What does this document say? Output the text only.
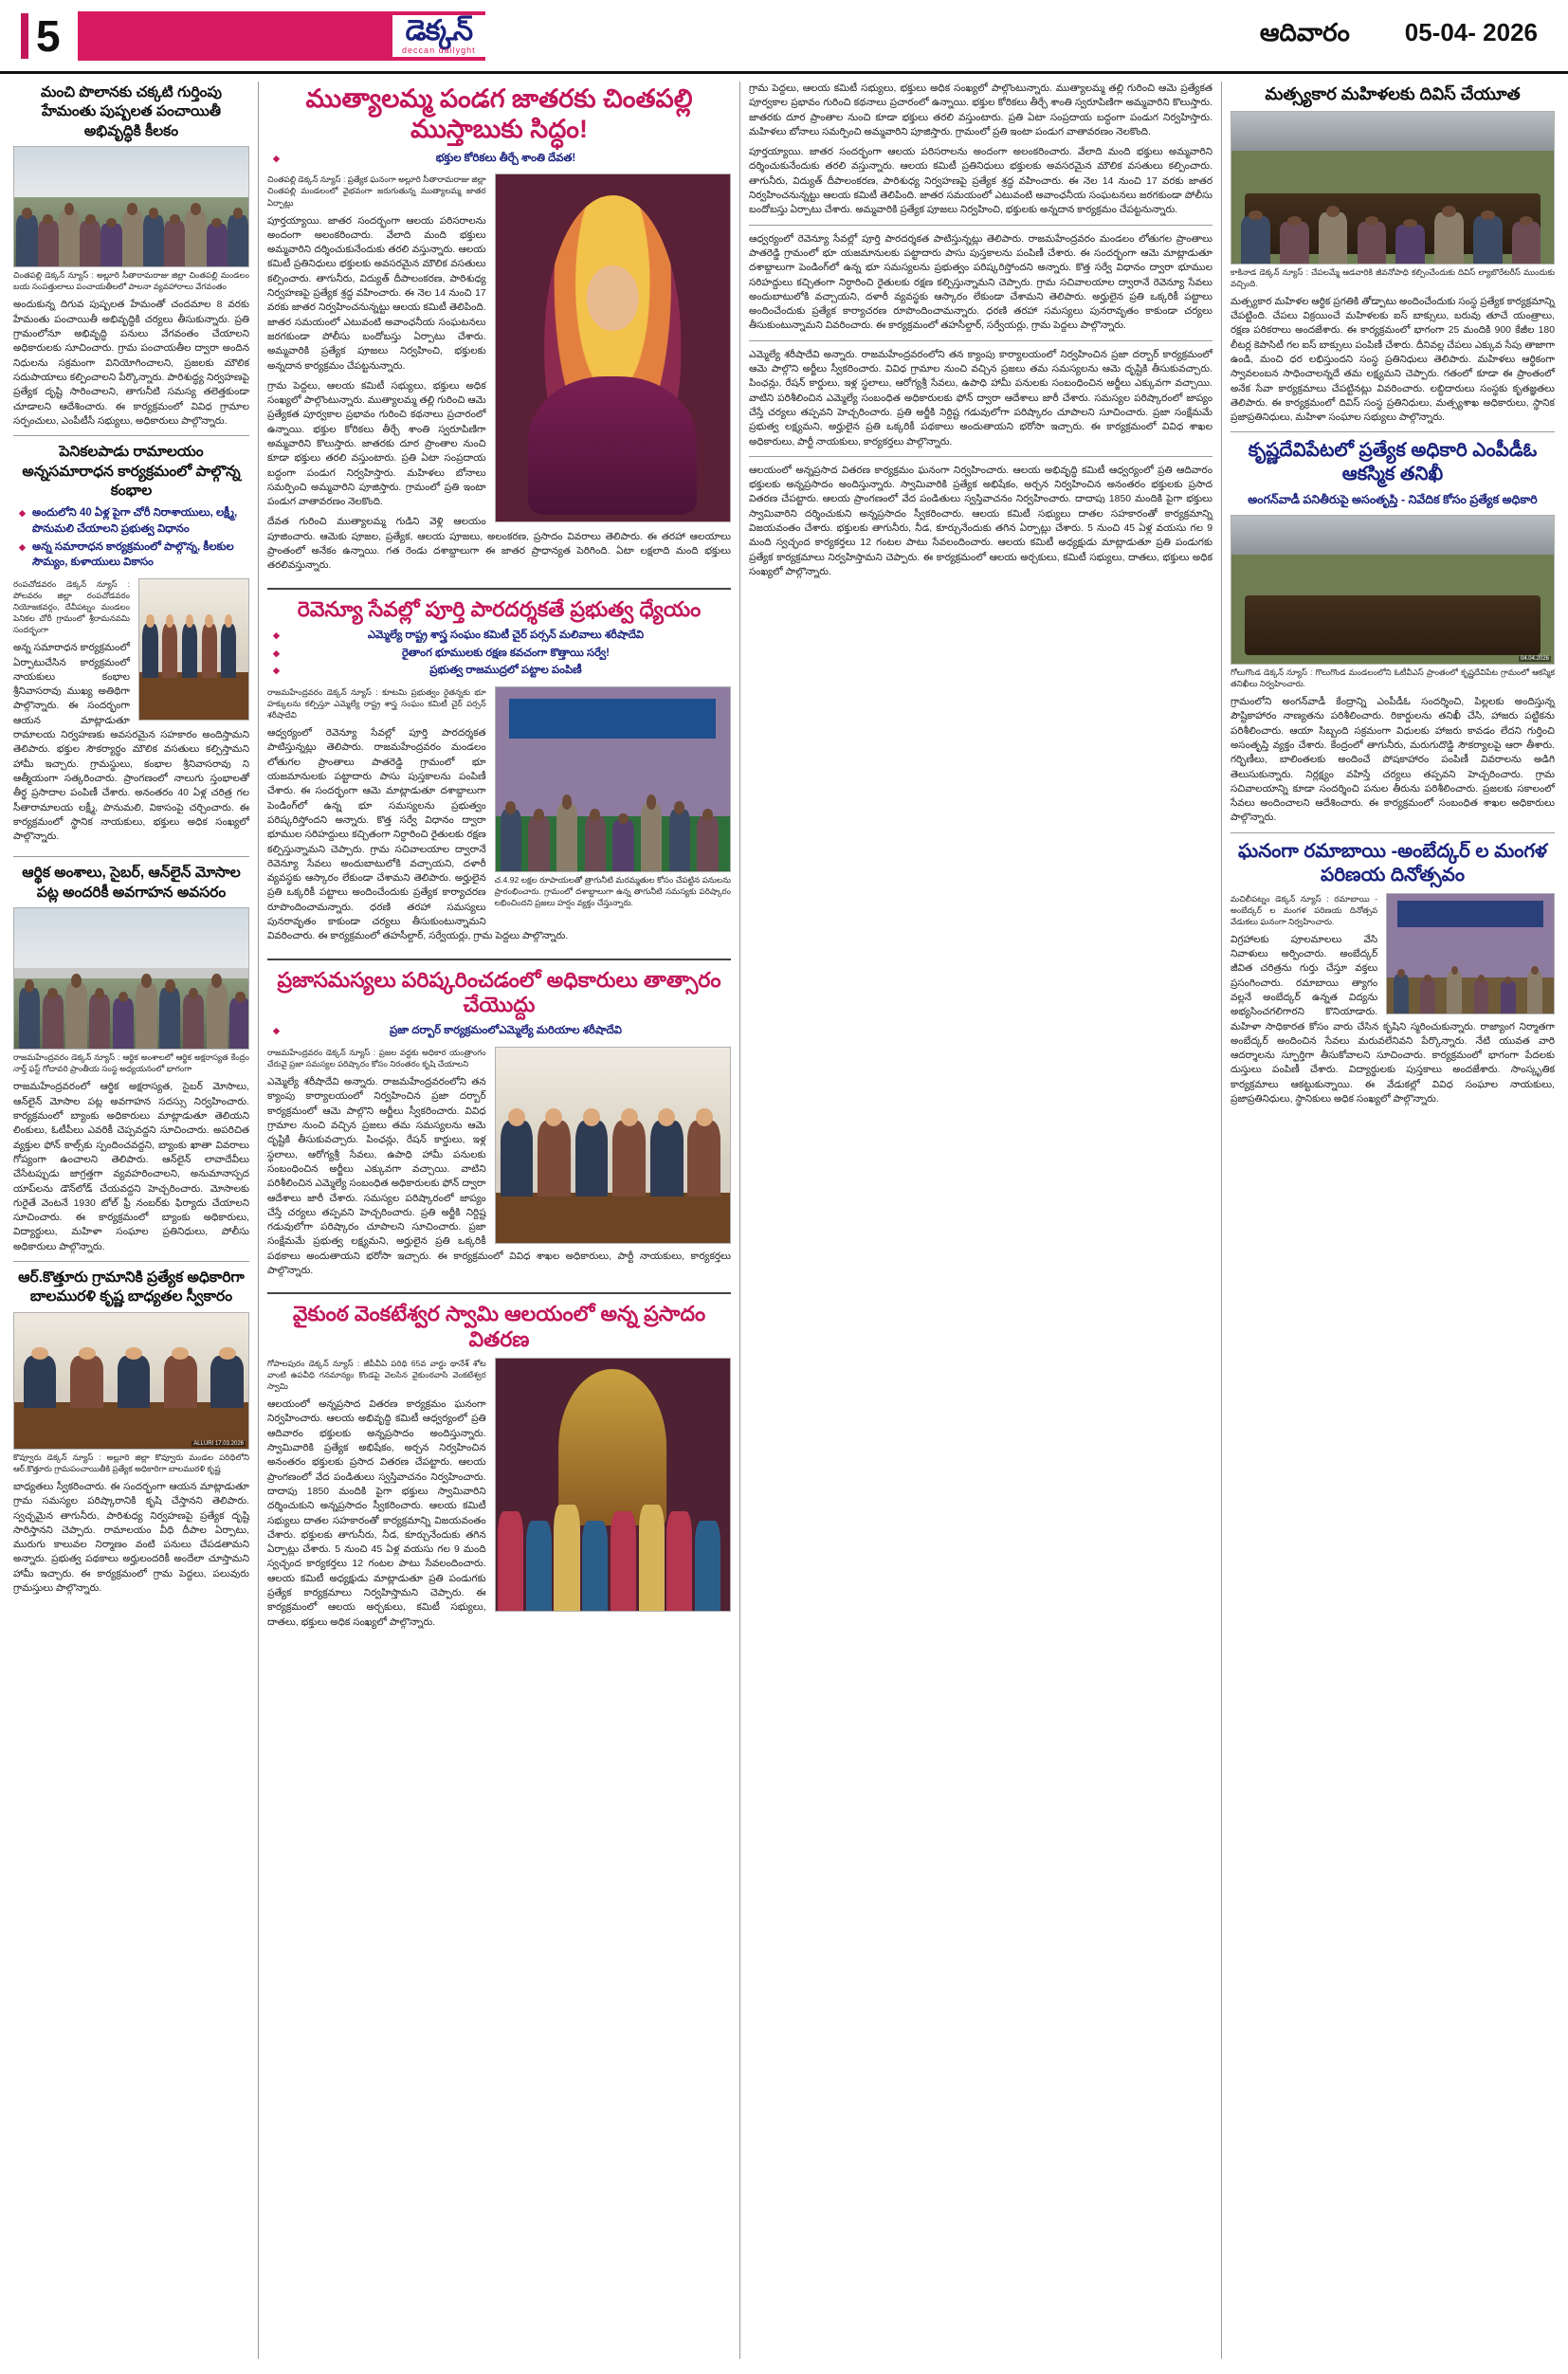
5	డెక్కన్
deccan dailyght
ఆదివారం 05-04- 2026
మంచి పొలానకు చక్కటి గుర్తింపు హేమంతు పుష్పలత పంచాయితీ అభివృద్ధికి కీలకం
చింతపల్లి డెక్కన్ న్యూస్ : అల్లూరి సీతారామరాజు జిల్లా చింతపల్లి మండలం బయ సంపత్తులాలు పంచాయతీలలో పాలనా వ్యవహారాలు వేగవంతం
అందుకున్న దిగువ పుష్పలత హేమంతో చందమాల 8 వరకు హేమంతు పంచాయితీ అభివృద్ధికి చర్యలు తీసుకున్నారు. ప్రతి గ్రామంలోనూ అభివృద్ధి పనులు వేగవంతం చేయాలని అధికారులకు సూచించారు. గ్రామ పంచాయతీల ద్వారా అందిన నిధులను సక్రమంగా వినియోగించాలని, ప్రజలకు మౌలిక సదుపాయాలు కల్పించాలని పేర్కొన్నారు. పారిశుద్ధ్య నిర్వహణపై ప్రత్యేక దృష్టి సారించాలని, తాగునీటి సమస్య తలెత్తకుండా చూడాలని ఆదేశించారు. ఈ కార్యక్రమంలో వివిధ గ్రామాల సర్పంచులు, ఎంపీటీసీ సభ్యులు, అధికారులు పాల్గొన్నారు.
పెనికలపాడు రామాలయం అన్నసమారాధన కార్యక్రమంలో పాల్గొన్న కంభాల
◆ అందులోని 40 ఏళ్ల పైగా చోరీ నిరాశాయులు, లక్ష్మీ, పొనుమలి చేయాలని ప్రభుత్వ విధానం
◆ అన్న సమారాధన కార్యక్రమంలో పాల్గొన్న, కీలకుల సౌమ్యం, కుళాయులు వికాసం
రంపచోడవరం డెక్కన్ న్యూస్ : పోలవరం జిల్లా రంపచోడవరం నియోజకవర్గం, దేవీపట్నం మండలం పెనికల చోరీ గ్రామంలో శ్రీరామనవమి సందర్భంగా
అన్న సమారాధన కార్యక్రమంలో ఏర్పాటుచేసిన కార్యక్రమంలో నాయకులు కంభాల శ్రీనివాసరావు ముఖ్య అతిథిగా పాల్గొన్నారు. ఈ సందర్భంగా ఆయన మాట్లాడుతూ రామాలయ నిర్వహణకు అవసరమైన సహకారం అందిస్తామని తెలిపారు. భక్తుల సౌకర్యార్థం మౌలిక వసతులు కల్పిస్తామని హామీ ఇచ్చారు. గ్రామస్థులు, కంభాల శ్రీనివాసరావు ని ఆత్మీయంగా సత్కరించారు. ప్రాంగణంలో నాలుగు స్తంభాలతో తీర్థ ప్రసాదాల పంపిణీ చేశారు. అనంతరం 40 ఏళ్ల చరిత్ర గల సీతారామాలయ లక్ష్మీ, పొనుమలి, వికాసంపై చర్చించారు. ఈ కార్యక్రమంలో స్థానిక నాయకులు, భక్తులు అధిక సంఖ్యలో పాల్గొన్నారు.
ఆర్థిక అంశాలు, సైబర్, ఆన్‌లైన్ మోసాల పట్ల అందరికీ అవగాహన అవసరం
రాజమహేంద్రవరం డెక్కన్ న్యూస్ : ఆర్థిక అంశాలలో ఆర్థిక అక్షరాస్యత కేంద్రం నార్త్ ఫస్ట్ గోదావరి ప్రాంతీయ సంస్థ అధ్యయనంలో భాగంగా
రాజమహేంద్రవరంలో ఆర్థిక అక్షరాస్యత, సైబర్ మోసాలు, ఆన్‌లైన్ మోసాల పట్ల అవగాహన సదస్సు నిర్వహించారు. కార్యక్రమంలో బ్యాంకు అధికారులు మాట్లాడుతూ తెలియని లింకులు, ఓటీపీలు ఎవరికీ చెప్పవద్దని సూచించారు. అపరిచిత వ్యక్తుల ఫోన్ కాల్స్‌కు స్పందించవద్దని, బ్యాంకు ఖాతా వివరాలు గోప్యంగా ఉంచాలని తెలిపారు. ఆన్‌లైన్ లావాదేవీలు చేసేటప్పుడు జాగ్రత్తగా వ్యవహరించాలని, అనుమానాస్పద యాప్‌లను డౌన్‌లోడ్ చేయవద్దని హెచ్చరించారు. మోసాలకు గురైతే వెంటనే 1930 టోల్ ఫ్రీ నంబర్‌కు ఫిర్యాదు చేయాలని సూచించారు. ఈ కార్యక్రమంలో బ్యాంకు అధికారులు, విద్యార్థులు, మహిళా సంఘాల ప్రతినిధులు, పోలీసు అధికారులు పాల్గొన్నారు.
ఆర్.కొత్తూరు గ్రామానికి ప్రత్యేక అధికారిగా బాలమురళి కృష్ణ బాధ్యతల స్వీకారం
ALLURI 17.03.2026
కొవ్వూరు డెక్కన్ న్యూస్ : అల్లూరి జిల్లా కొవ్వూరు మండల పరిధిలోని ఆర్.కొత్తూరు గ్రామపంచాయితీకి ప్రత్యేక అధికారిగా బాలమురళి కృష్ణ
బాధ్యతలు స్వీకరించారు. ఈ సందర్భంగా ఆయన మాట్లాడుతూ గ్రామ సమస్యల పరిష్కారానికి కృషి చేస్తానని తెలిపారు. స్వచ్ఛమైన తాగునీరు, పారిశుధ్య నిర్వహణపై ప్రత్యేక దృష్టి సారిస్తానని చెప్పారు. రామాలయం వీధి దీపాల ఏర్పాటు, మురుగు కాలువల నిర్మాణం వంటి పనులు చేపడతామని అన్నారు. ప్రభుత్వ పథకాలు అర్హులందరికీ అందేలా చూస్తామని హామీ ఇచ్చారు. ఈ కార్యక్రమంలో గ్రామ పెద్దలు, పలువురు గ్రామస్తులు పాల్గొన్నారు.
ముత్యాలమ్మ పండగ జాతరకు చింతపల్లి ముస్తాబుకు సిద్ధం!
◆ భక్తుల కోరికలు తీర్చే శాంతి దేవత!
చింతపల్లి డెక్కన్ న్యూస్ : ప్రత్యేక ఘనంగా అల్లూరి సీతారామరాజు జిల్లా చింతపల్లి మండలంలో వైభవంగా జరుగుతున్న ముత్యాలమ్మ జాతర ఏర్పాట్లు
పూర్తయ్యాయి. జాతర సందర్భంగా ఆలయ పరిసరాలను అందంగా అలంకరించారు. వేలాది మంది భక్తులు అమ్మవారిని దర్శించుకునేందుకు తరలి వస్తున్నారు. ఆలయ కమిటీ ప్రతినిధులు భక్తులకు అవసరమైన మౌలిక వసతులు కల్పించారు. తాగునీరు, విద్యుత్ దీపాలంకరణ, పారిశుధ్య నిర్వహణపై ప్రత్యేక శ్రద్ధ వహించారు. ఈ నెల 14 నుంచి 17 వరకు జాతర నిర్వహించనున్నట్టు ఆలయ కమిటీ తెలిపింది. జాతర సమయంలో ఎటువంటి అవాంఛనీయ సంఘటనలు జరగకుండా పోలీసు బందోబస్తు ఏర్పాటు చేశారు. అమ్మవారికి ప్రత్యేక పూజలు నిర్వహించి, భక్తులకు అన్నదాన కార్యక్రమం చేపట్టనున్నారు.
గ్రామ పెద్దలు, ఆలయ కమిటీ సభ్యులు, భక్తులు అధిక సంఖ్యలో పాల్గొంటున్నారు. ముత్యాలమ్మ తల్లి గురించి ఆమె ప్రత్యేకత పూర్వకాల ప్రభావం గురించి కథనాలు ప్రచారంలో ఉన్నాయి. భక్తుల కోరికలు తీర్చే శాంతి స్వరూపిణిగా అమ్మవారిని కొలుస్తారు. జాతరకు దూర ప్రాంతాల నుంచి కూడా భక్తులు తరలి వస్తుంటారు. ప్రతి ఏటా సంప్రదాయ బద్ధంగా పండుగ నిర్వహిస్తారు. మహిళలు బోనాలు సమర్పించి అమ్మవారిని పూజిస్తారు. గ్రామంలో ప్రతి ఇంటా పండుగ వాతావరణం నెలకొంది.
దేవత గురించి ముత్యాలమ్మ గుడిని వెళ్లి ఆలయం పూజించారు. ఆమెకు పూజల, ప్రత్యేక, ఆలయ పూజలు, అలంకరణ, ప్రసాదం వివరాలు తెలిపారు. ఈ తరహా ఆలయాలు ప్రాంతంలో అనేకం ఉన్నాయి. గత రెండు దశాబ్దాలుగా ఈ జాతర ప్రాధాన్యత పెరిగింది. ఏటా లక్షలాది మంది భక్తులు తరలివస్తున్నారు.
రెవెన్యూ సేవల్లో పూర్తి పారదర్శకతే ప్రభుత్వ ధ్యేయం
◆ ఎమ్మెల్యే రాష్ట్ర శాస్త్ర సంఘం కమిటీ చైర్ పర్సన్ మలివాలు శరీషాదేవి
◆ రైతాంగ భూములకు రక్షణ కవచంగా కొత్తాయి సర్వే!
◆ ప్రభుత్వ రాజముద్రలో పట్టాల పంపిణీ
చ.4.92 లక్షల రూపాయలతో త్రాగునీటి మరమ్మతుల కోసం చేపట్టిన పనులను ప్రారంభించారు. గ్రామంలో దశాబ్దాలుగా ఉన్న తాగునీటి సమస్యకు పరిష్కారం లభించిందని ప్రజలు హర్షం వ్యక్తం చేస్తున్నారు.
రాజమహేంద్రవరం డెక్కన్ న్యూస్ : కూటమి ప్రభుత్వం రైతన్నకు భూ హక్కులను కల్పిస్తూ ఎమ్మెల్యే రాష్ట్ర శాస్త్ర సంఘం కమిటీ చైర్ పర్సన్ శరీషాదేవి
ఆధ్వర్యంలో రెవెన్యూ సేవల్లో పూర్తి పారదర్శకత పాటిస్తున్నట్లు తెలిపారు. రాజమహేంద్రవరం మండలం లోతుగల ప్రాంతాలు పాతరెడ్డి గ్రామంలో భూ యజమానులకు పట్టాదారు పాసు పుస్తకాలను పంపిణీ చేశారు. ఈ సందర్భంగా ఆమె మాట్లాడుతూ దశాబ్దాలుగా పెండింగ్‌లో ఉన్న భూ సమస్యలను ప్రభుత్వం పరిష్కరిస్తోందని అన్నారు. కొత్త సర్వే విధానం ద్వారా భూముల సరిహద్దులు కచ్చితంగా నిర్ధారించి రైతులకు రక్షణ కల్పిస్తున్నామని చెప్పారు. గ్రామ సచివాలయాల ద్వారానే రెవెన్యూ సేవలు అందుబాటులోకి వచ్చాయని, దళారీ వ్యవస్థకు ఆస్కారం లేకుండా చేశామని తెలిపారు. అర్హులైన ప్రతి ఒక్కరికీ పట్టాలు అందించేందుకు ప్రత్యేక కార్యాచరణ రూపొందించామన్నారు. ధరణి తరహా సమస్యలు పునరావృతం కాకుండా చర్యలు తీసుకుంటున్నామని వివరించారు. ఈ కార్యక్రమంలో తహసీల్దార్, సర్వేయర్లు, గ్రామ పెద్దలు పాల్గొన్నారు.
ప్రజాసమస్యలు పరిష్కరించడంలో అధికారులు తాత్సారం చేయొద్దు
◆ ప్రజా దర్బార్ కార్యక్రమంలోఎమ్మెల్యే మరియాల శరీషాదేవి
రాజమహేంద్రవరం డెక్కన్ న్యూస్ : ప్రజల వద్దకు అధికార యంత్రాంగం చేరువై ప్రజా సమస్యల పరిష్కారం కోసం నిరంతరం కృషి చేయాలని
ఎమ్మెల్యే శరీషాదేవి అన్నారు. రాజమహేంద్రవరంలోని తన క్యాంపు కార్యాలయంలో నిర్వహించిన ప్రజా దర్బార్ కార్యక్రమంలో ఆమె పాల్గొని అర్జీలు స్వీకరించారు. వివిధ గ్రామాల నుంచి వచ్చిన ప్రజలు తమ సమస్యలను ఆమె దృష్టికి తీసుకువచ్చారు. పింఛన్లు, రేషన్ కార్డులు, ఇళ్ల స్థలాలు, ఆరోగ్యశ్రీ సేవలు, ఉపాధి హామీ పనులకు సంబంధించిన అర్జీలు ఎక్కువగా వచ్చాయి. వాటిని పరిశీలించిన ఎమ్మెల్యే సంబంధిత అధికారులకు ఫోన్ ద్వారా ఆదేశాలు జారీ చేశారు. సమస్యల పరిష్కారంలో జాప్యం చేస్తే చర్యలు తప్పవని హెచ్చరించారు. ప్రతి అర్జీకి నిర్దిష్ట గడువులోగా పరిష్కారం చూపాలని సూచించారు. ప్రజా సంక్షేమమే ప్రభుత్వ లక్ష్యమని, అర్హులైన ప్రతి ఒక్కరికీ పథకాలు అందుతాయని భరోసా ఇచ్చారు. ఈ కార్యక్రమంలో వివిధ శాఖల అధికారులు, పార్టీ నాయకులు, కార్యకర్తలు పాల్గొన్నారు.
వైకుంఠ వెంకటేశ్వర స్వామి ఆలయంలో అన్న ప్రసాదం వితరణ
గోపాలపురం డెక్కన్ న్యూస్ : జీపీవీఏ పరిధి 65వ వార్డు థానేశ్ శోట వాంటి ఉపవీధి గనమాన్యం కొండపై వెలసిన వైకుంఠవాసి వెంకటేశ్వర స్వామి
ఆలయంలో అన్నప్రసాద వితరణ కార్యక్రమం ఘనంగా నిర్వహించారు. ఆలయ అభివృద్ధి కమిటీ ఆధ్వర్యంలో ప్రతి ఆదివారం భక్తులకు అన్నప్రసాదం అందిస్తున్నారు. స్వామివారికి ప్రత్యేక అభిషేకం, అర్చన నిర్వహించిన అనంతరం భక్తులకు ప్రసాద వితరణ చేపట్టారు. ఆలయ ప్రాంగణంలో వేద పండితులు స్వస్తివాచనం నిర్వహించారు. దాదాపు 1850 మందికి పైగా భక్తులు స్వామివారిని దర్శించుకుని అన్నప్రసాదం స్వీకరించారు. ఆలయ కమిటీ సభ్యులు దాతల సహకారంతో కార్యక్రమాన్ని విజయవంతం చేశారు. భక్తులకు తాగునీరు, నీడ, కూర్చునేందుకు తగిన ఏర్పాట్లు చేశారు. 5 నుంచి 45 ఏళ్ల వయసు గల 9 మంది స్వచ్ఛంద కార్యకర్తలు 12 గంటల పాటు సేవలందించారు. ఆలయ కమిటీ అధ్యక్షుడు మాట్లాడుతూ ప్రతి పండుగకు ప్రత్యేక కార్యక్రమాలు నిర్వహిస్తామని చెప్పారు. ఈ కార్యక్రమంలో ఆలయ అర్చకులు, కమిటీ సభ్యులు, దాతలు, భక్తులు అధిక సంఖ్యలో పాల్గొన్నారు.
గ్రామ పెద్దలు, ఆలయ కమిటీ సభ్యులు, భక్తులు అధిక సంఖ్యలో పాల్గొంటున్నారు. ముత్యాలమ్మ తల్లి గురించి ఆమె ప్రత్యేకత పూర్వకాల ప్రభావం గురించి కథనాలు ప్రచారంలో ఉన్నాయి. భక్తుల కోరికలు తీర్చే శాంతి స్వరూపిణిగా అమ్మవారిని కొలుస్తారు. జాతరకు దూర ప్రాంతాల నుంచి కూడా భక్తులు తరలి వస్తుంటారు. ప్రతి ఏటా సంప్రదాయ బద్ధంగా పండుగ నిర్వహిస్తారు. మహిళలు బోనాలు సమర్పించి అమ్మవారిని పూజిస్తారు. గ్రామంలో ప్రతి ఇంటా పండుగ వాతావరణం నెలకొంది.
పూర్తయ్యాయి. జాతర సందర్భంగా ఆలయ పరిసరాలను అందంగా అలంకరించారు. వేలాది మంది భక్తులు అమ్మవారిని దర్శించుకునేందుకు తరలి వస్తున్నారు. ఆలయ కమిటీ ప్రతినిధులు భక్తులకు అవసరమైన మౌలిక వసతులు కల్పించారు. తాగునీరు, విద్యుత్ దీపాలంకరణ, పారిశుధ్య నిర్వహణపై ప్రత్యేక శ్రద్ధ వహించారు. ఈ నెల 14 నుంచి 17 వరకు జాతర నిర్వహించనున్నట్టు ఆలయ కమిటీ తెలిపింది. జాతర సమయంలో ఎటువంటి అవాంఛనీయ సంఘటనలు జరగకుండా పోలీసు బందోబస్తు ఏర్పాటు చేశారు. అమ్మవారికి ప్రత్యేక పూజలు నిర్వహించి, భక్తులకు అన్నదాన కార్యక్రమం చేపట్టనున్నారు.
ఆధ్వర్యంలో రెవెన్యూ సేవల్లో పూర్తి పారదర్శకత పాటిస్తున్నట్లు తెలిపారు. రాజమహేంద్రవరం మండలం లోతుగల ప్రాంతాలు పాతరెడ్డి గ్రామంలో భూ యజమానులకు పట్టాదారు పాసు పుస్తకాలను పంపిణీ చేశారు. ఈ సందర్భంగా ఆమె మాట్లాడుతూ దశాబ్దాలుగా పెండింగ్‌లో ఉన్న భూ సమస్యలను ప్రభుత్వం పరిష్కరిస్తోందని అన్నారు. కొత్త సర్వే విధానం ద్వారా భూముల సరిహద్దులు కచ్చితంగా నిర్ధారించి రైతులకు రక్షణ కల్పిస్తున్నామని చెప్పారు. గ్రామ సచివాలయాల ద్వారానే రెవెన్యూ సేవలు అందుబాటులోకి వచ్చాయని, దళారీ వ్యవస్థకు ఆస్కారం లేకుండా చేశామని తెలిపారు. అర్హులైన ప్రతి ఒక్కరికీ పట్టాలు అందించేందుకు ప్రత్యేక కార్యాచరణ రూపొందించామన్నారు. ధరణి తరహా సమస్యలు పునరావృతం కాకుండా చర్యలు తీసుకుంటున్నామని వివరించారు. ఈ కార్యక్రమంలో తహసీల్దార్, సర్వేయర్లు, గ్రామ పెద్దలు పాల్గొన్నారు.
ఎమ్మెల్యే శరీషాదేవి అన్నారు. రాజమహేంద్రవరంలోని తన క్యాంపు కార్యాలయంలో నిర్వహించిన ప్రజా దర్బార్ కార్యక్రమంలో ఆమె పాల్గొని అర్జీలు స్వీకరించారు. వివిధ గ్రామాల నుంచి వచ్చిన ప్రజలు తమ సమస్యలను ఆమె దృష్టికి తీసుకువచ్చారు. పింఛన్లు, రేషన్ కార్డులు, ఇళ్ల స్థలాలు, ఆరోగ్యశ్రీ సేవలు, ఉపాధి హామీ పనులకు సంబంధించిన అర్జీలు ఎక్కువగా వచ్చాయి. వాటిని పరిశీలించిన ఎమ్మెల్యే సంబంధిత అధికారులకు ఫోన్ ద్వారా ఆదేశాలు జారీ చేశారు. సమస్యల పరిష్కారంలో జాప్యం చేస్తే చర్యలు తప్పవని హెచ్చరించారు. ప్రతి అర్జీకి నిర్దిష్ట గడువులోగా పరిష్కారం చూపాలని సూచించారు. ప్రజా సంక్షేమమే ప్రభుత్వ లక్ష్యమని, అర్హులైన ప్రతి ఒక్కరికీ పథకాలు అందుతాయని భరోసా ఇచ్చారు. ఈ కార్యక్రమంలో వివిధ శాఖల అధికారులు, పార్టీ నాయకులు, కార్యకర్తలు పాల్గొన్నారు.
ఆలయంలో అన్నప్రసాద వితరణ కార్యక్రమం ఘనంగా నిర్వహించారు. ఆలయ అభివృద్ధి కమిటీ ఆధ్వర్యంలో ప్రతి ఆదివారం భక్తులకు అన్నప్రసాదం అందిస్తున్నారు. స్వామివారికి ప్రత్యేక అభిషేకం, అర్చన నిర్వహించిన అనంతరం భక్తులకు ప్రసాద వితరణ చేపట్టారు. ఆలయ ప్రాంగణంలో వేద పండితులు స్వస్తివాచనం నిర్వహించారు. దాదాపు 1850 మందికి పైగా భక్తులు స్వామివారిని దర్శించుకుని అన్నప్రసాదం స్వీకరించారు. ఆలయ కమిటీ సభ్యులు దాతల సహకారంతో కార్యక్రమాన్ని విజయవంతం చేశారు. భక్తులకు తాగునీరు, నీడ, కూర్చునేందుకు తగిన ఏర్పాట్లు చేశారు. 5 నుంచి 45 ఏళ్ల వయసు గల 9 మంది స్వచ్ఛంద కార్యకర్తలు 12 గంటల పాటు సేవలందించారు. ఆలయ కమిటీ అధ్యక్షుడు మాట్లాడుతూ ప్రతి పండుగకు ప్రత్యేక కార్యక్రమాలు నిర్వహిస్తామని చెప్పారు. ఈ కార్యక్రమంలో ఆలయ అర్చకులు, కమిటీ సభ్యులు, దాతలు, భక్తులు అధిక సంఖ్యలో పాల్గొన్నారు.
మత్స్యకార మహిళలకు దివిస్ చేయూత
కాకినాడ డెక్కన్ న్యూస్ : చేపలమ్మే ఆడవారికి జీవనోపాధి కల్పించేందుకు దివిస్ ల్యాబొరేటరీస్ ముందుకు వచ్చింది.
మత్స్యకార మహిళల ఆర్థిక ప్రగతికి తోడ్పాటు అందించేందుకు సంస్థ ప్రత్యేక కార్యక్రమాన్ని చేపట్టింది. చేపలు విక్రయించే మహిళలకు ఐస్ బాక్సులు, బరువు తూచే యంత్రాలు, రక్షణ పరికరాలు అందజేశారు. ఈ కార్యక్రమంలో భాగంగా 25 మందికి 900 కేజీల 180 లీటర్ల కెపాసిటీ గల ఐస్ బాక్సులు పంపిణీ చేశారు. దీనివల్ల చేపలు ఎక్కువ సేపు తాజాగా ఉండి, మంచి ధర లభిస్తుందని సంస్థ ప్రతినిధులు తెలిపారు. మహిళలు ఆర్థికంగా స్వావలంబన సాధించాలన్నదే తమ లక్ష్యమని చెప్పారు. గతంలో కూడా ఈ ప్రాంతంలో అనేక సేవా కార్యక్రమాలు చేపట్టినట్లు వివరించారు. లబ్ధిదారులు సంస్థకు కృతజ్ఞతలు తెలిపారు. ఈ కార్యక్రమంలో దివిస్ సంస్థ ప్రతినిధులు, మత్స్యశాఖ అధికారులు, స్థానిక ప్రజాప్రతినిధులు, మహిళా సంఘాల సభ్యులు పాల్గొన్నారు.
కృష్ణదేవిపేటలో ప్రత్యేక అధికారి ఎంపీడీఓ ఆకస్మిక తనిఖీ
అంగన్‌వాడీ పనితీరుపై అసంతృప్తి - నివేదిక కోసం ప్రత్యేక అధికారి
04.04.2026
గోలుగొండ డెక్కన్ న్యూస్ : గొలుగొండ మండలంలోని ఓటీవీఎస్ ప్రాంతంలో కృష్ణదేవిపేట గ్రామంలో ఆకస్మిక తనిఖీలు నిర్వహించారు.
గ్రామంలోని అంగన్‌వాడీ కేంద్రాన్ని ఎంపీడీఓ సందర్శించి, పిల్లలకు అందిస్తున్న పౌష్టికాహారం నాణ్యతను పరిశీలించారు. రికార్డులను తనిఖీ చేసి, హాజరు పట్టికను పరిశీలించారు. ఆయా సిబ్బంది సక్రమంగా విధులకు హాజరు కావడం లేదని గుర్తించి అసంతృప్తి వ్యక్తం చేశారు. కేంద్రంలో తాగునీరు, మరుగుదొడ్డి సౌకర్యాలపై ఆరా తీశారు. గర్భిణీలు, బాలింతలకు అందించే పోషకాహారం పంపిణీ వివరాలను అడిగి తెలుసుకున్నారు. నిర్లక్ష్యం వహిస్తే చర్యలు తప్పవని హెచ్చరించారు. గ్రామ సచివాలయాన్ని కూడా సందర్శించి పనుల తీరును పరిశీలించారు. ప్రజలకు సకాలంలో సేవలు అందించాలని ఆదేశించారు. ఈ కార్యక్రమంలో సంబంధిత శాఖల అధికారులు పాల్గొన్నారు.
ఘనంగా రమాబాయి -అంబేద్కర్ ల మంగళ పరిణయ దినోత్సవం
మచిలీపట్నం డెక్కన్ న్యూస్ : రమాబాయి - అంబేద్కర్ ల మంగళ పరిణయ దినోత్సవ వేడుకలు ఘనంగా నిర్వహించారు.
విగ్రహాలకు పూలమాలలు వేసి నివాళులు అర్పించారు. అంబేద్కర్ జీవిత చరిత్రను గుర్తు చేస్తూ వక్తలు ప్రసంగించారు. రమాబాయి త్యాగం వల్లనే అంబేద్కర్ ఉన్నత విద్యను అభ్యసించగలిగారని కొనియాడారు. మహిళా సాధికారత కోసం వారు చేసిన కృషిని స్మరించుకున్నారు. రాజ్యాంగ నిర్మాతగా అంబేద్కర్ అందించిన సేవలు మరువలేనివని పేర్కొన్నారు. నేటి యువత వారి ఆదర్శాలను స్ఫూర్తిగా తీసుకోవాలని సూచించారు. కార్యక్రమంలో భాగంగా పేదలకు దుస్తులు పంపిణీ చేశారు. విద్యార్థులకు పుస్తకాలు అందజేశారు. సాంస్కృతిక కార్యక్రమాలు ఆకట్టుకున్నాయి. ఈ వేడుకల్లో వివిధ సంఘాల నాయకులు, ప్రజాప్రతినిధులు, స్థానికులు అధిక సంఖ్యలో పాల్గొన్నారు.
